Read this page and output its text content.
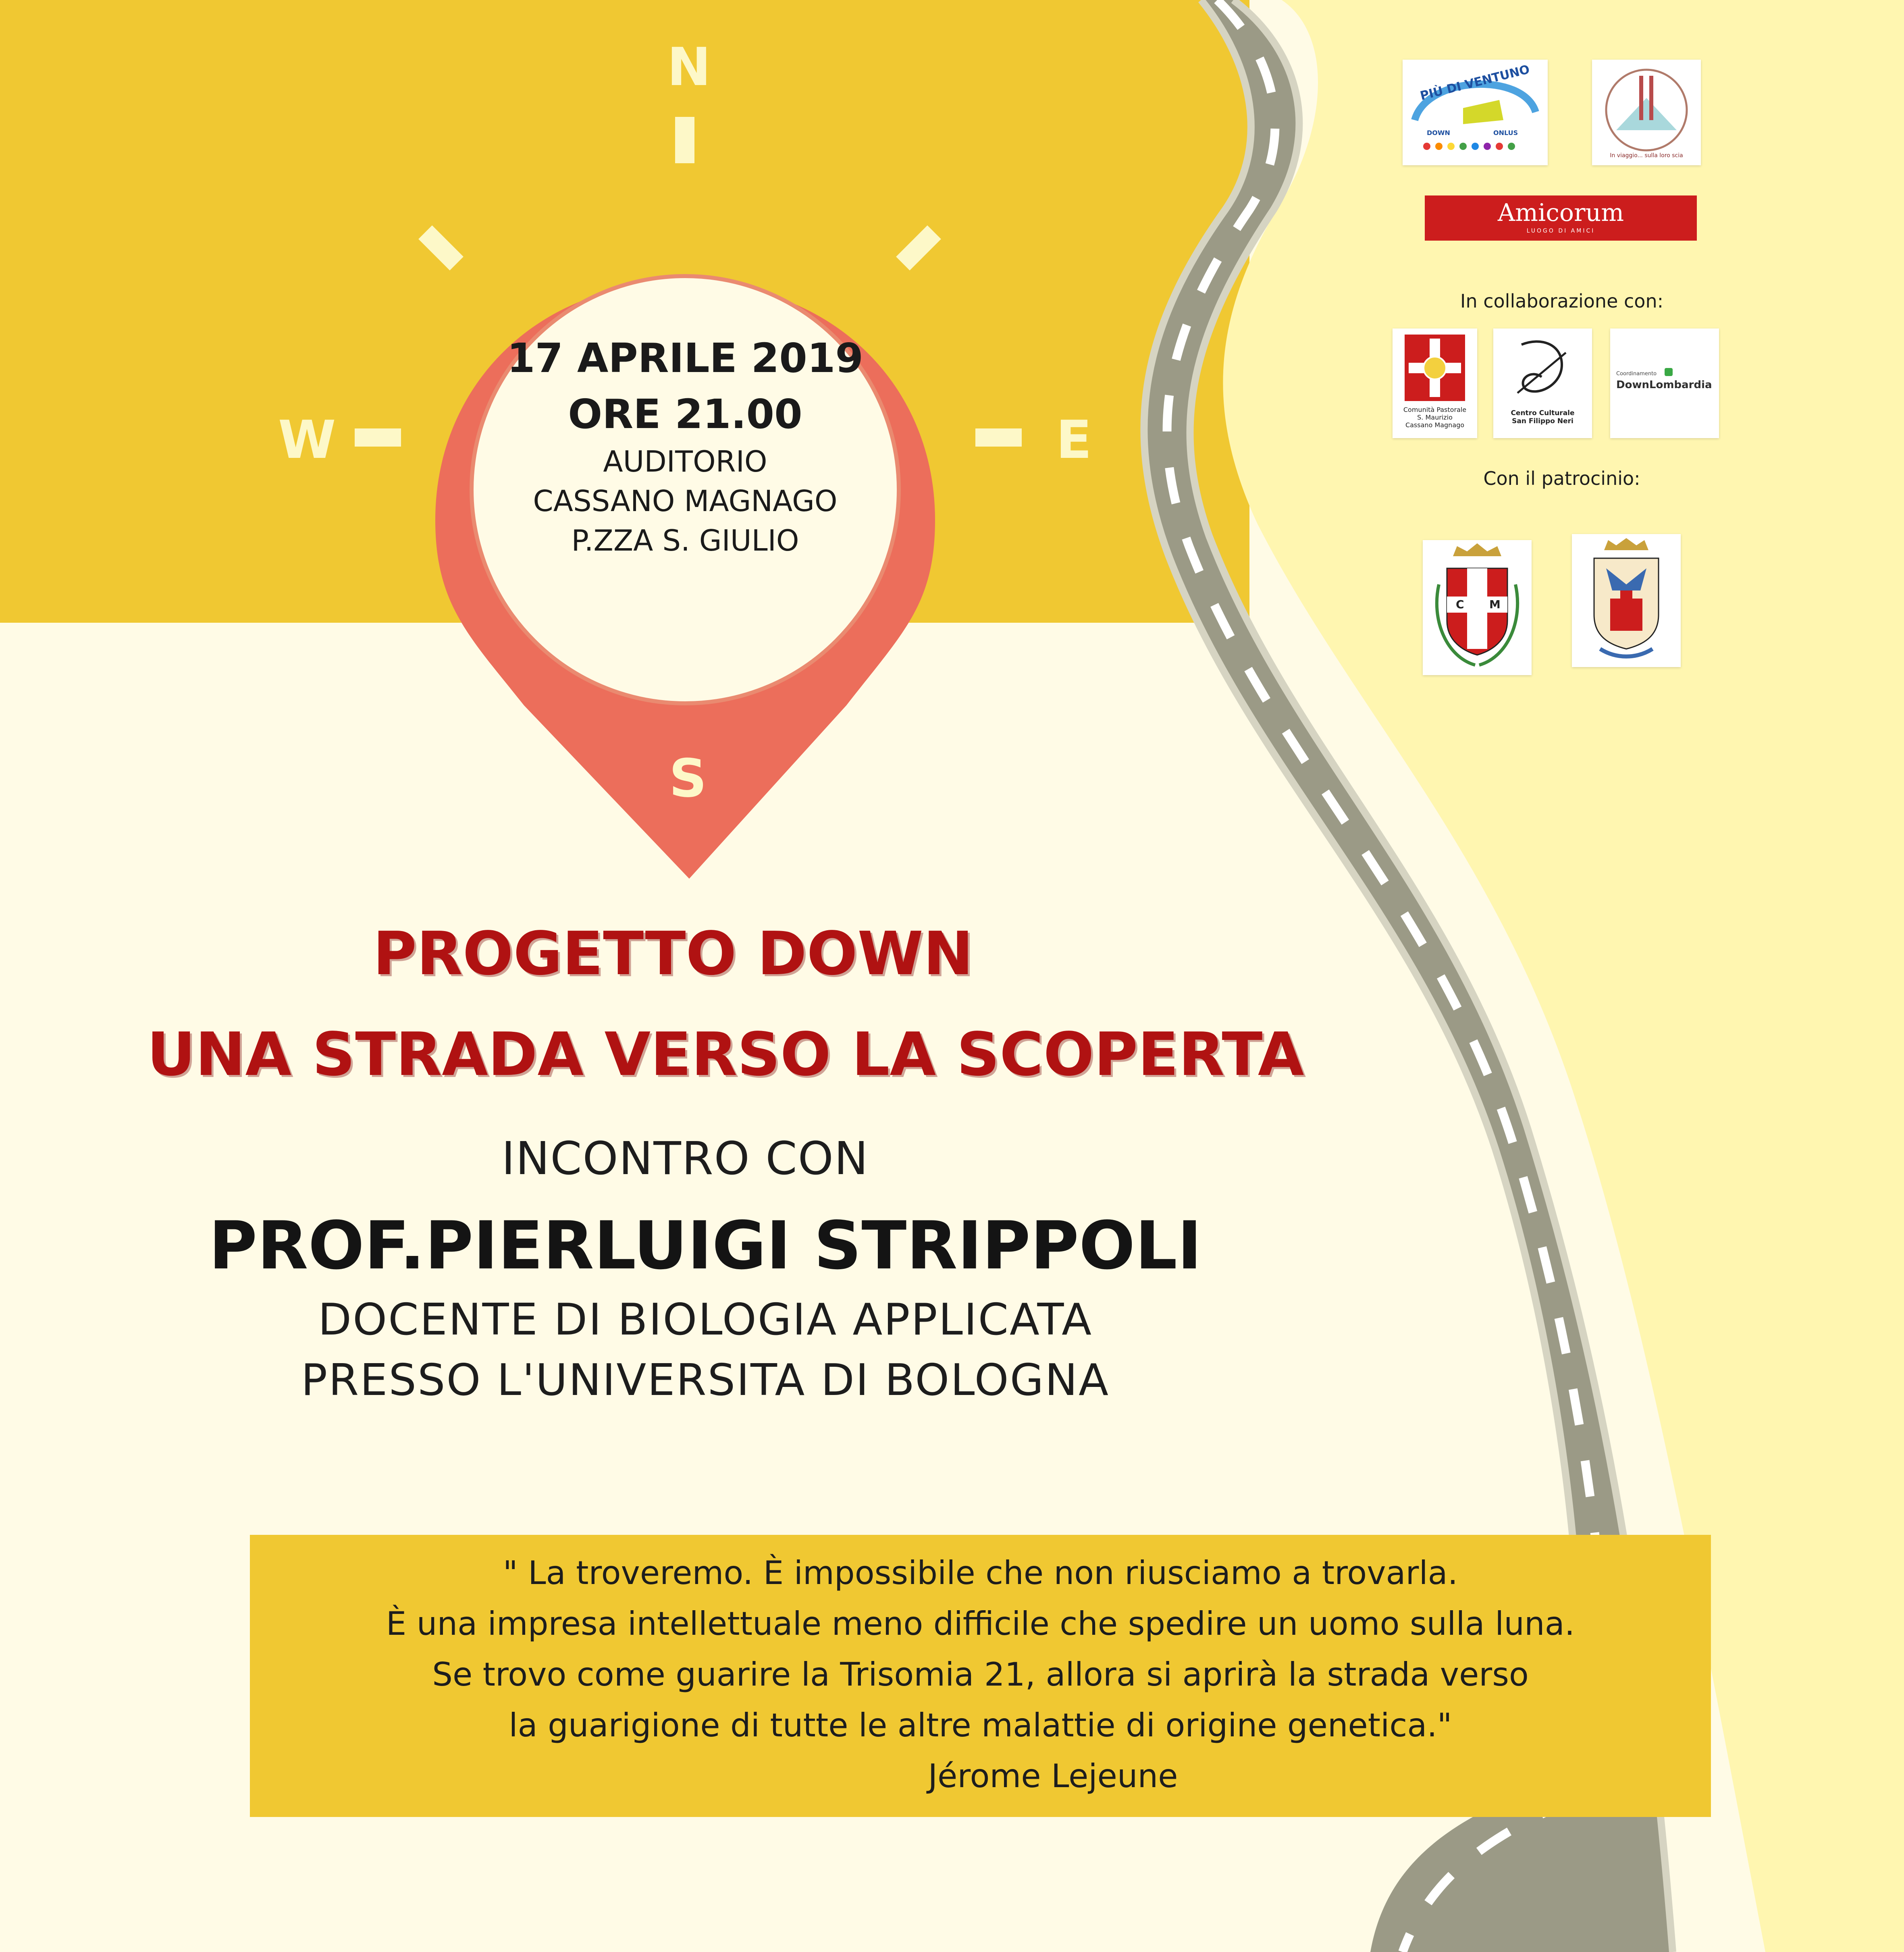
N
W	E
S
17 APRILE 2019
ORE 21.00
AUDITORIO
CASSANO MAGNAGO
P.ZZA S. GIULIO
PROGETTO DOWN
UNA STRADA VERSO LA SCOPERTA
INCONTRO CON
PROF.PIERLUIGI STRIPPOLI
DOCENTE DI BIOLOGIA APPLICATA
PRESSO L'UNIVERSITA DI BOLOGNA
" La troveremo. È impossibile che non riusciamo a trovarla.
È una impresa intellettuale meno difficile che spedire un uomo sulla luna.
Se trovo come guarire la Trisomia 21, allora si aprirà la strada verso
la guarigione di tutte le altre malattie di origine genetica."
Jérome Lejeune
PIÙ DI VENTUNO
DOWN	ONLUS
In viaggio... sulla loro scia
Amicorum
LUOGO DI AMICI
In collaborazione con:
Comunità Pastorale
S. Maurizio
Cassano Magnago
Centro Culturale
San Filippo Neri
Coordinamento
DownLombardia
Con il patrocinio:
C M
